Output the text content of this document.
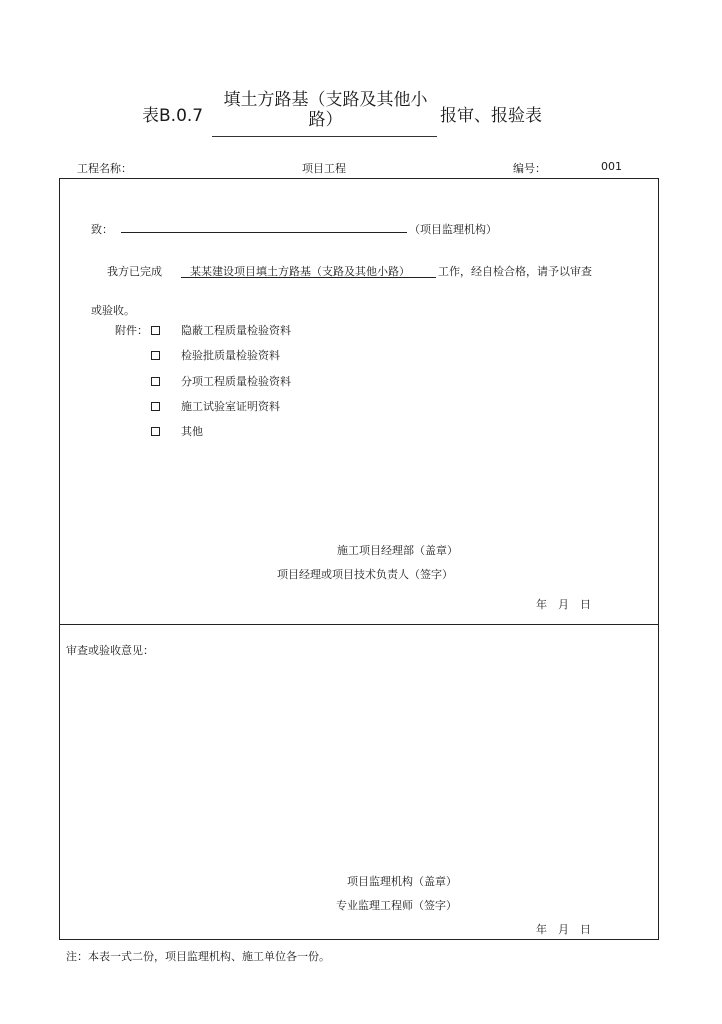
表B.0.7
填土方路基（支路及其他小路）	报审、报验表
工程名称：	项目工程	编号：	001
致：	（项目监理机构）
我方已完成	某某建设项目填土方路基（支路及其他小路）	工作，经自检合格，请予以审查
或验收。
附件：	隐蔽工程质量检验资料
检验批质量检验资料
分项工程质量检验资料
施工试验室证明资料
其他
施工项目经理部（盖章）
项目经理或项目技术负责人（签字）
年　月　日
审查或验收意见：
项目监理机构（盖章）
专业监理工程师（签字）
年　月　日
注：本表一式二份，项目监理机构、施工单位各一份。
